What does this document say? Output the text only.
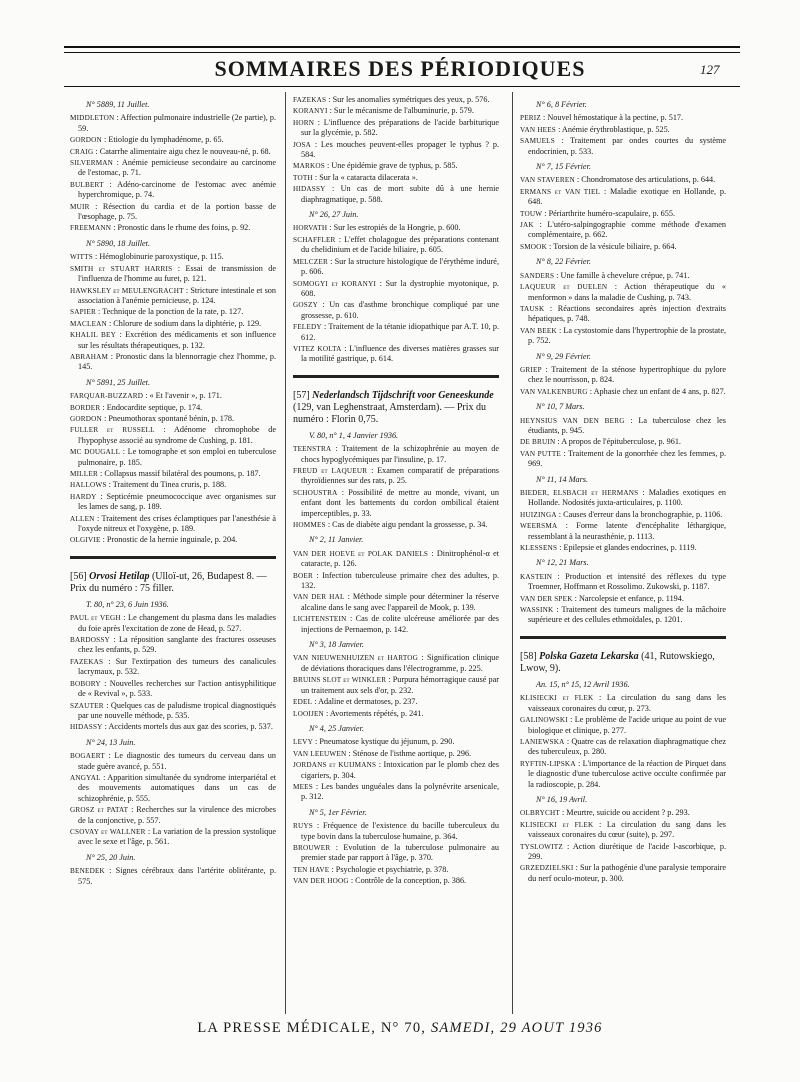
SOMMAIRES DES PÉRIODIQUES	127
N° 5889, 11 Juillet.

MIDDLETON : Affection pulmonaire industrielle (2e partie), p. 59.

GORDON : Etiologie du lymphadénome, p. 65.

CRAIG : Catarrhe alimentaire aigu chez le nouveau-né, p. 68.

SILVERMAN : Anémie pernicieuse secondaire au carcinome de l'estomac, p. 71.

BULBERT : Adéno-carcinome de l'estomac avec anémie hyperchromique, p. 74.

MUIR : Résection du cardia et de la portion basse de l'œsophage, p. 75.

FREEMANN : Pronostic dans le rhume des foins, p. 92.

N° 5890, 18 Juillet.

WITTS : Hémoglobinurie paroxystique, p. 115.

SMITH et STUART HARRIS : Essai de transmission de l'influenza de l'homme au furet, p. 121.

HAWKSLEY et MEULENGRACHT : Stricture intestinale et son association à l'anémie pernicieuse, p. 124.

SAPIER : Technique de la ponction de la rate, p. 127.

MACLEAN : Chlorure de sodium dans la diphtérie, p. 129.

KHALIL BEY : Excrétion des médicaments et son influence sur les résultats thérapeutiques, p. 132.

ABRAHAM : Pronostic dans la blennorragie chez l'homme, p. 145.

N° 5891, 25 Juillet.

FARQUAR-BUZZARD : « Et l'avenir », p. 171.

BORDER : Endocardite septique, p. 174.

GORDON : Pneumothorax spontané bénin, p. 178.

FULLER et RUSSELL : Adénome chromophobe de l'hypophyse associé au syndrome de Cushing, p. 181.

MC DOUGALL : Le tomographe et son emploi en tuberculose pulmonaire, p. 185.

MILLER : Collapsus massif bilatéral des poumons, p. 187.

HALLOWS : Traitement du Tinea cruris, p. 188.

HARDY : Septicémie pneumococcique avec organismes sur les lames de sang, p. 189.

ALLEN : Traitement des crises éclamptiques par l'anesthésie à l'oxyde nitreux et l'oxygène, p. 189.

OLGIVIE : Pronostic de la hernie inguinale, p. 204.

[56] Orvosi Hetilap (Ulloï-ut, 26, Budapest 8. — Prix du numéro : 75 filler.
T. 80, n° 23, 6 Juin 1936.

PAUL et VEGH : Le changement du plasma dans les maladies du foie après l'excitation de zone de Head, p. 527.

BARDOSSY : La réposition sanglante des fractures osseuses chez les enfants, p. 529.

FAZEKAS : Sur l'extirpation des tumeurs des canalicules lacrymaux, p. 532.

BOBORY : Nouvelles recherches sur l'action antisyphilitique de « Revival », p. 533.

SZAUTER : Quelques cas de paludisme tropical diagnostiqués par une nouvelle méthode, p. 535.

HIDASSY : Accidents mortels dus aux gaz des scories, p. 537.

N° 24, 13 Juin.

BOGAERT : Le diagnostic des tumeurs du cerveau dans un stade guère avancé, p. 551.

ANGYAL : Apparition simultanée du syndrome interpariétal et des mouvements automatiques dans un cas de schizophrénie, p. 555.

GROSZ et PATAT : Recherches sur la virulence des microbes de la conjonctive, p. 557.

CSOVAY et WALLNER : La variation de la pression systolique avec le sexe et l'âge, p. 561.

N° 25, 20 Juin.

BENEDEK : Signes cérébraux dans l'artérite oblitérante, p. 575.

FAZEKAS : Sur les anomalies symétriques des yeux, p. 576.

KORANYI : Sur le mécanisme de l'albuminurie, p. 579.

HORN : L'influence des préparations de l'acide barbiturique sur la glycémie, p. 582.

JOSA : Les mouches peuvent-elles propager le typhus ? p. 584.

MARKOS : Une épidémie grave de typhus, p. 585.

TOTH : Sur la « cataracta dilacerata ».

HIDASSY : Un cas de mort subite dû à une hernie diaphragmatique, p. 588.

N° 26, 27 Juin.

HORVATH : Sur les estropiés de la Hongrie, p. 600.

SCHAFFLER : L'effet cholagogue des préparations contenant du chelidinium et de l'acide biliaire, p. 605.

MELCZER : Sur la structure histologique de l'érythème induré, p. 606.

SOMOGYI et KORANYI : Sur la dystrophie myotonique, p. 608.

GOSZY : Un cas d'asthme bronchique compliqué par une grossesse, p. 610.

FELEDY : Traitement de la tétanie idiopathique par A.T. 10, p. 612.

VITEZ KOLTA : L'influence des diverses matières grasses sur la motilité gastrique, p. 614.

[57] Nederlandsch Tijdschrift voor Geneeskunde (129, van Leghenstraat, Amsterdam). — Prix du numéro : Florin 0,75.
V. 80, n° 1, 4 Janvier 1936.

TEENSTRA : Traitement de la schizophrénie au moyen de chocs hypoglycémiques par l'insuline, p. 17.

FREUD et LAQUEUR : Examen comparatif de préparations thyroïdiennes sur des rats, p. 25.

SCHOUSTRA : Possibilité de mettre au monde, vivant, un enfant dont les battements du cordon ombilical étaient imperceptibles, p. 33.

HOMMES : Cas de diabète aigu pendant la grossesse, p. 34.

N° 2, 11 Janvier.

VAN DER HOEVE et POLAK DANIELS : Dinitrophénol-α et cataracte, p. 126.

BOER : Infection tuberculeuse primaire chez des adultes, p. 132.

VAN DER HAL : Méthode simple pour déterminer la réserve alcaline dans le sang avec l'appareil de Mook, p. 139.

LICHTENSTEIN : Cas de colite ulcéreuse améliorée par des injections de Pernaemon, p. 142.

N° 3, 18 Janvier.

VAN NIEUWENHUIZEN et HARTOG : Signification clinique de déviations thoraciques dans l'électrogramme, p. 225.

BRUINS SLOT et WINKLER : Purpura hémorragique causé par un traitement aux sels d'or, p. 232.

EDEL : Adaline et dermatoses, p. 237.

LOOIJEN : Avortements répétés, p. 241.

N° 4, 25 Janvier.

LEVY : Pneumatose kystique du jéjunum, p. 290.

VAN LEEUWEN : Sténose de l'isthme aortique, p. 296.

JORDANS et KUIJMANS : Intoxication par le plomb chez des cigariers, p. 304.

MEES : Les bandes unguéales dans la polynévrite arsenicale, p. 312.

N° 5, 1er Février.

RUYS : Fréquence de l'existence du bacille tuberculeux du type bovin dans la tuberculose humaine, p. 364.

BROUWER : Evolution de la tuberculose pulmonaire au premier stade par rapport à l'âge, p. 370.

TEN HAVE : Psychologie et psychiatrie, p. 378.

VAN DER HOOG : Contrôle de la conception, p. 386.

N° 6, 8 Février.

PERIZ : Nouvel hémostatique à la pectine, p. 517.

VAN HEES : Anémie érythroblastique, p. 525.

SAMUELS : Traitement par ondes courtes du système endocrinien, p. 533.

N° 7, 15 Février.

VAN STAVEREN : Chondromatose des articulations, p. 644.

ERMANS et VAN TIEL : Maladie exotique en Hollande, p. 648.

TOUW : Périarthrite huméro-scapulaire, p. 655.

JAK : L'utéro-salpingographie comme méthode d'examen complémentaire, p. 662.

SMOOK : Torsion de la vésicule biliaire, p. 664.

N° 8, 22 Février.

SANDERS : Une famille à chevelure crépue, p. 741.

LAQUEUR et DUELEN : Action thérapeutique du « menformon » dans la maladie de Cushing, p. 743.

TAUSK : Réactions secondaires après injection d'extraits hépatiques, p. 748.

VAN BEEK : La cystostomie dans l'hypertrophie de la prostate, p. 752.

N° 9, 29 Février.

GRIEP : Traitement de la sténose hypertrophique du pylore chez le nourrisson, p. 824.

VAN VALKENBURG : Aphasie chez un enfant de 4 ans, p. 827.

N° 10, 7 Mars.

HEYNSIUS VAN DEN BERG : La tuberculose chez les étudiants, p. 945.

DE BRUIN : A propos de l'épituberculose, p. 961.

VAN PUTTE : Traitement de la gonorrhée chez les femmes, p. 969.

N° 11, 14 Mars.

BIEDER, ELSBACH et HERMANS : Maladies exotiques en Hollande. Nodosités juxta-articulaires, p. 1100.

HUIZINGA : Causes d'erreur dans la bronchographie, p. 1106.

WEERSMA : Forme latente d'encéphalite léthargique, ressemblant à la neurasthénie, p. 1113.

KLESSENS : Epilepsie et glandes endocrines, p. 1119.

N° 12, 21 Mars.

KASTEIN : Production et intensité des réflexes du type Troemner, Hoffmann et Rossolimo. Zukowski, p. 1187.

VAN DER SPEK : Narcolepsie et enfance, p. 1194.

WASSINK : Traitement des tumeurs malignes de la mâchoire supérieure et des cellules ethmoïdales, p. 1201.

[58] Polska Gazeta Lekarska (41, Rutowskiego, Lwow, 9).
An. 15, n° 15, 12 Avril 1936.

KLISIECKI et FLEK : La circulation du sang dans les vaisseaux coronaires du cœur, p. 273.

GALINOWSKI : Le problème de l'acide urique au point de vue biologique et clinique, p. 277.

LANIEWSKA : Quatre cas de relaxation diaphragmatique chez des tuberculeux, p. 280.

RYFTIN-LIPSKA : L'importance de la réaction de Pirquet dans le diagnostic d'une tuberculose active occulte confirmée par la radioscopie, p. 284.

N° 16, 19 Avril.

OLBRYCHT : Meurtre, suicide ou accident ? p. 293.

KLISIECKI et FLEK : La circulation du sang dans les vaisseaux coronaires du cœur (suite), p. 297.

TYSLOWITZ : Action diurétique de l'acide l-ascorbique, p. 299.

GRZEDZIELSKI : Sur la pathogénie d'une paralysie temporaire du nerf oculo-moteur, p. 300.

LA PRESSE MÉDICALE, N° 70, SAMEDI, 29 AOUT 1936
